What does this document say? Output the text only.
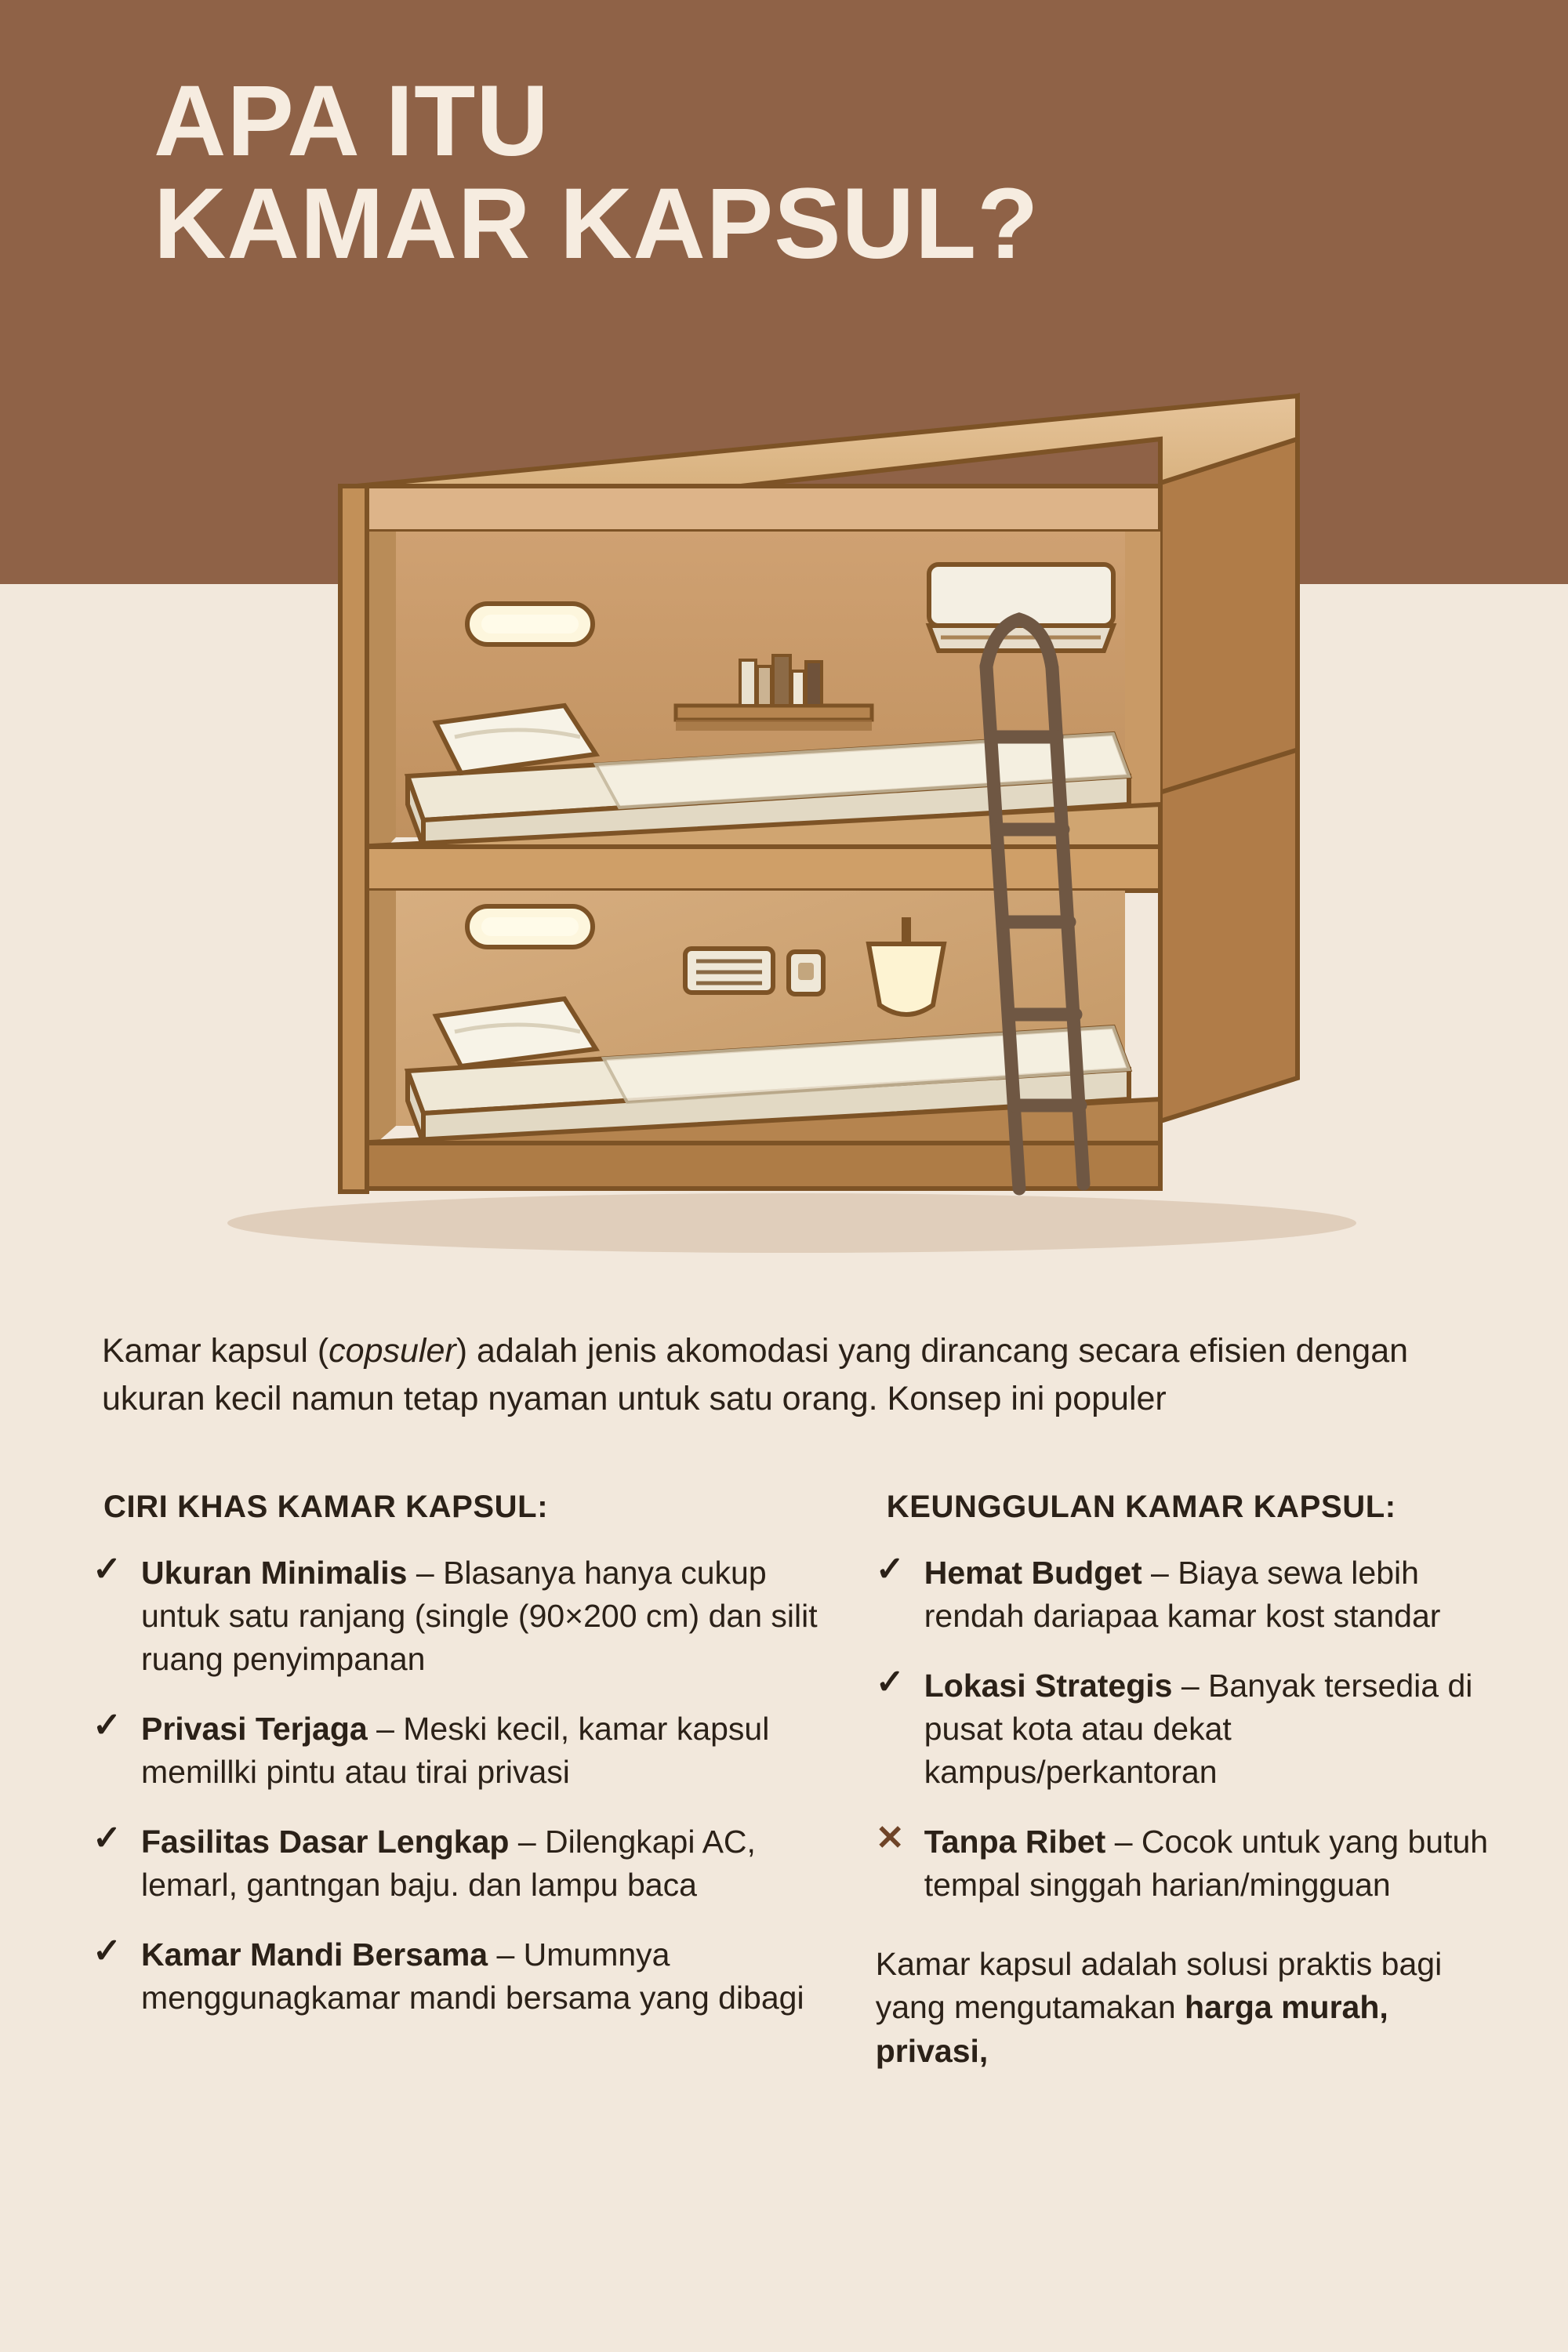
APA ITU
KAMAR KAPSUL?

Kamar kapsul (copsuler) adalah jenis akomodasi yang dirancang secara efisien dengan ukuran kecil namun tetap nyaman untuk satu orang. Konsep ini populer

CIRI KHAS KAMAR KAPSUL:
✓ Ukuran Minimalis – Blasanya hanya cukup untuk satu ranjang (single (90×200 cm) dan silit ruang penyimpanan
✓ Privasi Terjaga – Meski kecil, kamar kapsul memillki pintu atau tirai privasi
✓ Fasilitas Dasar Lengkap – Dilengkapi AC, lemarl, gantngan baju. dan lampu baca
✓ Kamar Mandi Bersama – Umumnya menggunagkamar mandi bersama yang dibagi
KEUNGGULAN KAMAR KAPSUL:
✓ Hemat Budget – Biaya sewa lebih rendah dariapaa kamar kost standar
✓ Lokasi Strategis – Banyak tersedia di pusat kota atau dekat kampus/perkantoran
✕ Tanpa Ribet – Cocok untuk yang butuh tempal singgah harian/mingguan
Kamar kapsul adalah solusi praktis bagi yang mengutamakan harga murah, privasi,
